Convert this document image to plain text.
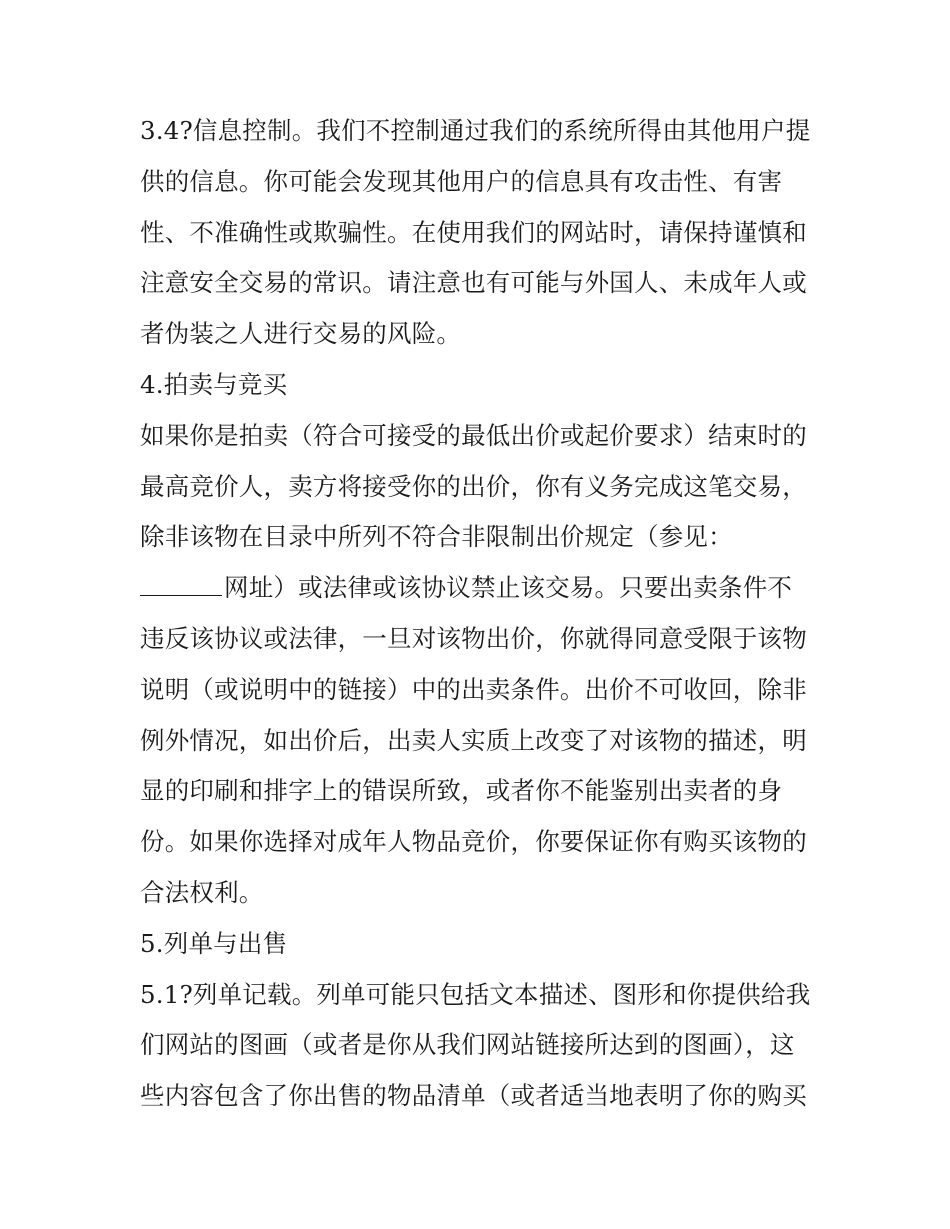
3.4?信息控制。我们不控制通过我们的系统所得由其他用户提
供的信息。你可能会发现其他用户的信息具有攻击性、有害
性、不准确性或欺骗性。在使用我们的网站时，请保持谨慎和
注意安全交易的常识。请注意也有可能与外国人、未成年人或
者伪装之人进行交易的风险。
4.拍卖与竞买
如果你是拍卖（符合可接受的最低出价或起价要求）结束时的
最高竞价人，卖方将接受你的出价，你有义务完成这笔交易，
除非该物在目录中所列不符合非限制出价规定（参见：
网址）或法律或该协议禁止该交易。只要出卖条件不
违反该协议或法律，一旦对该物出价，你就得同意受限于该物
说明（或说明中的链接）中的出卖条件。出价不可收回，除非
例外情况，如出价后，出卖人实质上改变了对该物的描述，明
显的印刷和排字上的错误所致，或者你不能鉴别出卖者的身
份。如果你选择对成年人物品竞价，你要保证你有购买该物的
合法权利。
5.列单与出售
5.1?列单记载。列单可能只包括文本描述、图形和你提供给我
们网站的图画（或者是你从我们网站链接所达到的图画），这
些内容包含了你出售的物品清单（或者适当地表明了你的购买
